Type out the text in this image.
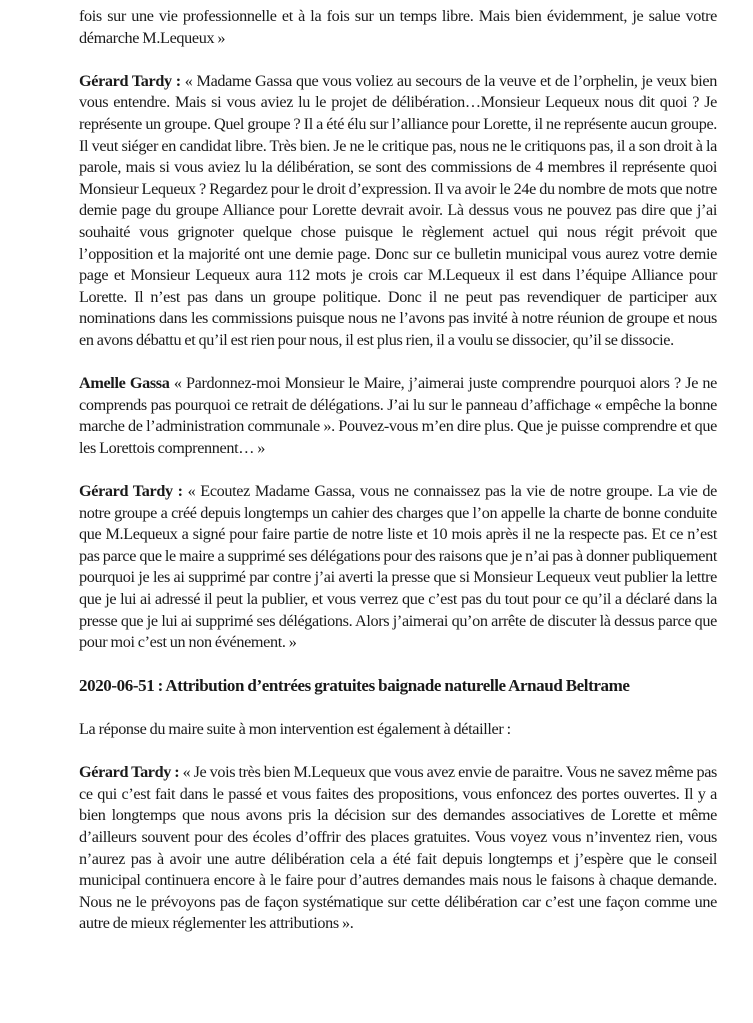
fois sur une vie professionnelle et à la fois sur un temps libre. Mais bien évidemment, je salue votre démarche M.Lequeux »

Gérard Tardy : « Madame Gassa que vous voliez au secours de la veuve et de l’orphelin, je veux bien vous entendre. Mais si vous aviez lu le projet de délibération…Monsieur Lequeux nous dit quoi ? Je représente un groupe. Quel groupe ? Il a été élu sur l’alliance pour Lorette, il ne représente aucun groupe. Il veut siéger en candidat libre. Très bien. Je ne le critique pas, nous ne le critiquons pas, il a son droit à la parole, mais si vous aviez lu la délibération, se sont des commissions de 4 membres il représente quoi Monsieur Lequeux ? Regardez pour le droit d’expression. Il va avoir le 24e du nombre de mots que notre demie page du groupe Alliance pour Lorette devrait avoir. Là dessus vous ne pouvez pas dire que j’ai souhaité vous grignoter quelque chose puisque le règlement actuel qui nous régit prévoit que l’opposition et la majorité ont une demie page. Donc sur ce bulletin municipal vous aurez votre demie page et Monsieur Lequeux aura 112 mots je crois car M.Lequeux il est dans l’équipe Alliance pour Lorette. Il n’est pas dans un groupe politique. Donc il ne peut pas revendiquer de participer aux nominations dans les commissions puisque nous ne l’avons pas invité à notre réunion de groupe et nous en avons débattu et qu’il est rien pour nous, il est plus rien, il a voulu se dissocier, qu’il se dissocie.

Amelle Gassa « Pardonnez-moi Monsieur le Maire, j’aimerai juste comprendre pourquoi alors ? Je ne comprends pas pourquoi ce retrait de délégations. J’ai lu sur le panneau d’affichage « empêche la bonne marche de l’administration communale ». Pouvez-vous m’en dire plus. Que je puisse comprendre et que les Lorettois comprennent… »

Gérard Tardy : « Ecoutez Madame Gassa, vous ne connaissez pas la vie de notre groupe. La vie de notre groupe a créé depuis longtemps un cahier des charges que l’on appelle la charte de bonne conduite que M.Lequeux a signé pour faire partie de notre liste et 10 mois après il ne la respecte pas. Et ce n’est pas parce que le maire a supprimé ses délégations pour des raisons que je n’ai pas à donner publiquement pourquoi je les ai supprimé par contre j’ai averti la presse que si Monsieur Lequeux veut publier la lettre que je lui ai adressé il peut la publier, et vous verrez que c’est pas du tout pour ce qu’il a déclaré dans la presse que je lui ai supprimé ses délégations. Alors j’aimerai qu’on arrête de discuter là dessus parce que pour moi c’est un non événement. »

2020-06-51 : Attribution d’entrées gratuites baignade naturelle Arnaud Beltrame

La réponse du maire suite à mon intervention est également à détailler :

Gérard Tardy : « Je vois très bien M.Lequeux que vous avez envie de paraitre. Vous ne savez même pas ce qui c’est fait dans le passé et vous faites des propositions, vous enfoncez des portes ouvertes. Il y a bien longtemps que nous avons pris la décision sur des demandes associatives de Lorette et même d’ailleurs souvent pour des écoles d’offrir des places gratuites. Vous voyez vous n’inventez rien, vous n’aurez pas à avoir une autre délibération cela a été fait depuis longtemps et j’espère que le conseil municipal continuera encore à le faire pour d’autres demandes mais nous le faisons à chaque demande. Nous ne le prévoyons pas de façon systématique sur cette délibération car c’est une façon comme une autre de mieux réglementer les attributions ».
